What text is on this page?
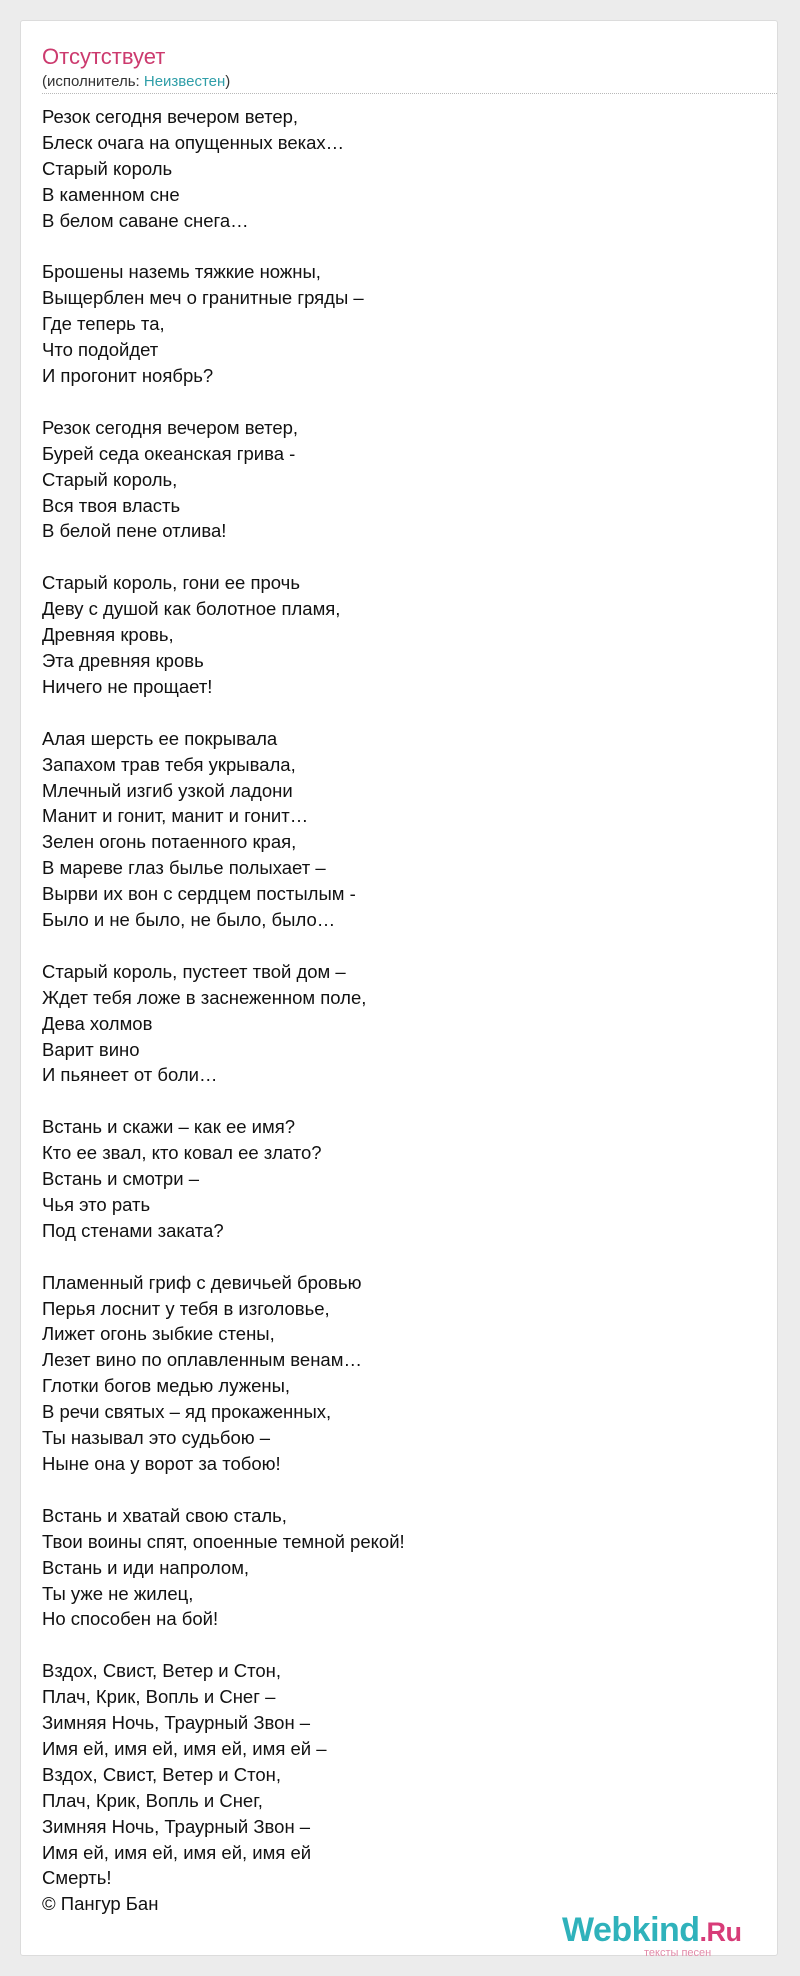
Отсутствует
(исполнитель: Неизвестен)
Резок сегодня вечером ветер,
Блеск очага на опущенных веках…
Старый король
В каменном сне
В белом саване снега…
Брошены наземь тяжкие ножны,
Выщерблен меч о гранитные гряды –
Где теперь та,
Что подойдет
И прогонит ноябрь?
Резок сегодня вечером ветер,
Бурей седа океанская грива -
Старый король,
Вся твоя власть
В белой пене отлива!
Старый король, гони ее прочь
Деву с душой как болотное пламя,
Древняя кровь,
Эта древняя кровь
Ничего не прощает!
Алая шерсть ее покрывала
Запахом трав тебя укрывала,
Млечный изгиб узкой ладони
Манит и гонит, манит и гонит…
Зелен огонь потаенного края,
В мареве глаз былье полыхает –
Вырви их вон с сердцем постылым -
Было и не было, не было, было…
Старый король, пустеет твой дом –
Ждет тебя ложе в заснеженном поле,
Дева холмов
Варит вино
И пьянеет от боли…
Встань и скажи – как ее имя?
Кто ее звал, кто ковал ее злато?
Встань и смотри –
Чья это рать
Под стенами заката?
Пламенный гриф с девичьей бровью
Перья лоснит у тебя в изголовье,
Лижет огонь зыбкие стены,
Лезет вино по оплавленным венам…
Глотки богов медью лужены,
В речи святых – яд прокаженных,
Ты называл это судьбою –
Ныне она у ворот за тобою!
Встань и хватай свою сталь,
Твои воины спят, опоенные темной рекой!
Встань и иди напролом,
Ты уже не жилец,
Но способен на бой!
Вздох, Свист, Ветер и Стон,
Плач, Крик, Вопль и Снег –
Зимняя Ночь, Траурный Звон –
Имя ей, имя ей, имя ей, имя ей –
Вздох, Свист, Ветер и Стон,
Плач, Крик, Вопль и Снег,
Зимняя Ночь, Траурный Звон –
Имя ей, имя ей, имя ей, имя ей
Смерть!
© Пангур Бан
Webkind.Ru
тексты песен
